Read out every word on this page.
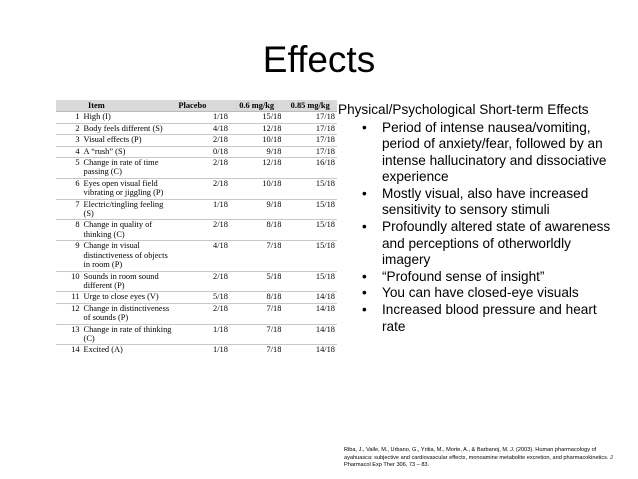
Effects
Item		Placebo	0.6 mg/kg	0.85 mg/kg
1	High (I)	1/18	15/18	17/18
2	Body feels different (S)	4/18	12/18	17/18
3	Visual effects (P)	2/18	10/18	17/18
4	A “rush” (S)	0/18	9/18	17/18
5	Change in rate of time passing (C)	2/18	12/18	16/18
6	Eyes open visual field vibrating or jiggling (P)	2/18	10/18	15/18
7	Electric/tingling feeling (S)	1/18	9/18	15/18
8	Change in quality of thinking (C)	2/18	8/18	15/18
9	Change in visual distinctiveness of objects in room (P)	4/18	7/18	15/18
10	Sounds in room sound different (P)	2/18	5/18	15/18
11	Urge to close eyes (V)	5/18	8/18	14/18
12	Change in distinctiveness of sounds (P)	2/18	7/18	14/18
13	Change in rate of thinking (C)	1/18	7/18	14/18
14	Excited (A)	1/18	7/18	14/18
Physical/Psychological Short-term Effects
• Period of intense nausea/vomiting, period of anxiety/fear, followed by an intense hallucinatory and dissociative experience
• Mostly visual, also have increased sensitivity to sensory stimuli
• Profoundly altered state of awareness and perceptions of otherworldly imagery
• “Profound sense of insight”
• You can have closed-eye visuals
• Increased blood pressure and heart rate
Riba, J., Valle, M., Urbano, G., Yritia, M., Morte, A., & Barbanoj, M. J. (2003). Human pharmacology of ayahuasca: subjective and cardiovascular effects, monoamine metabolite excretion, and pharmacokinetics. J Pharmacol Exp Ther 306, 73 – 83.
